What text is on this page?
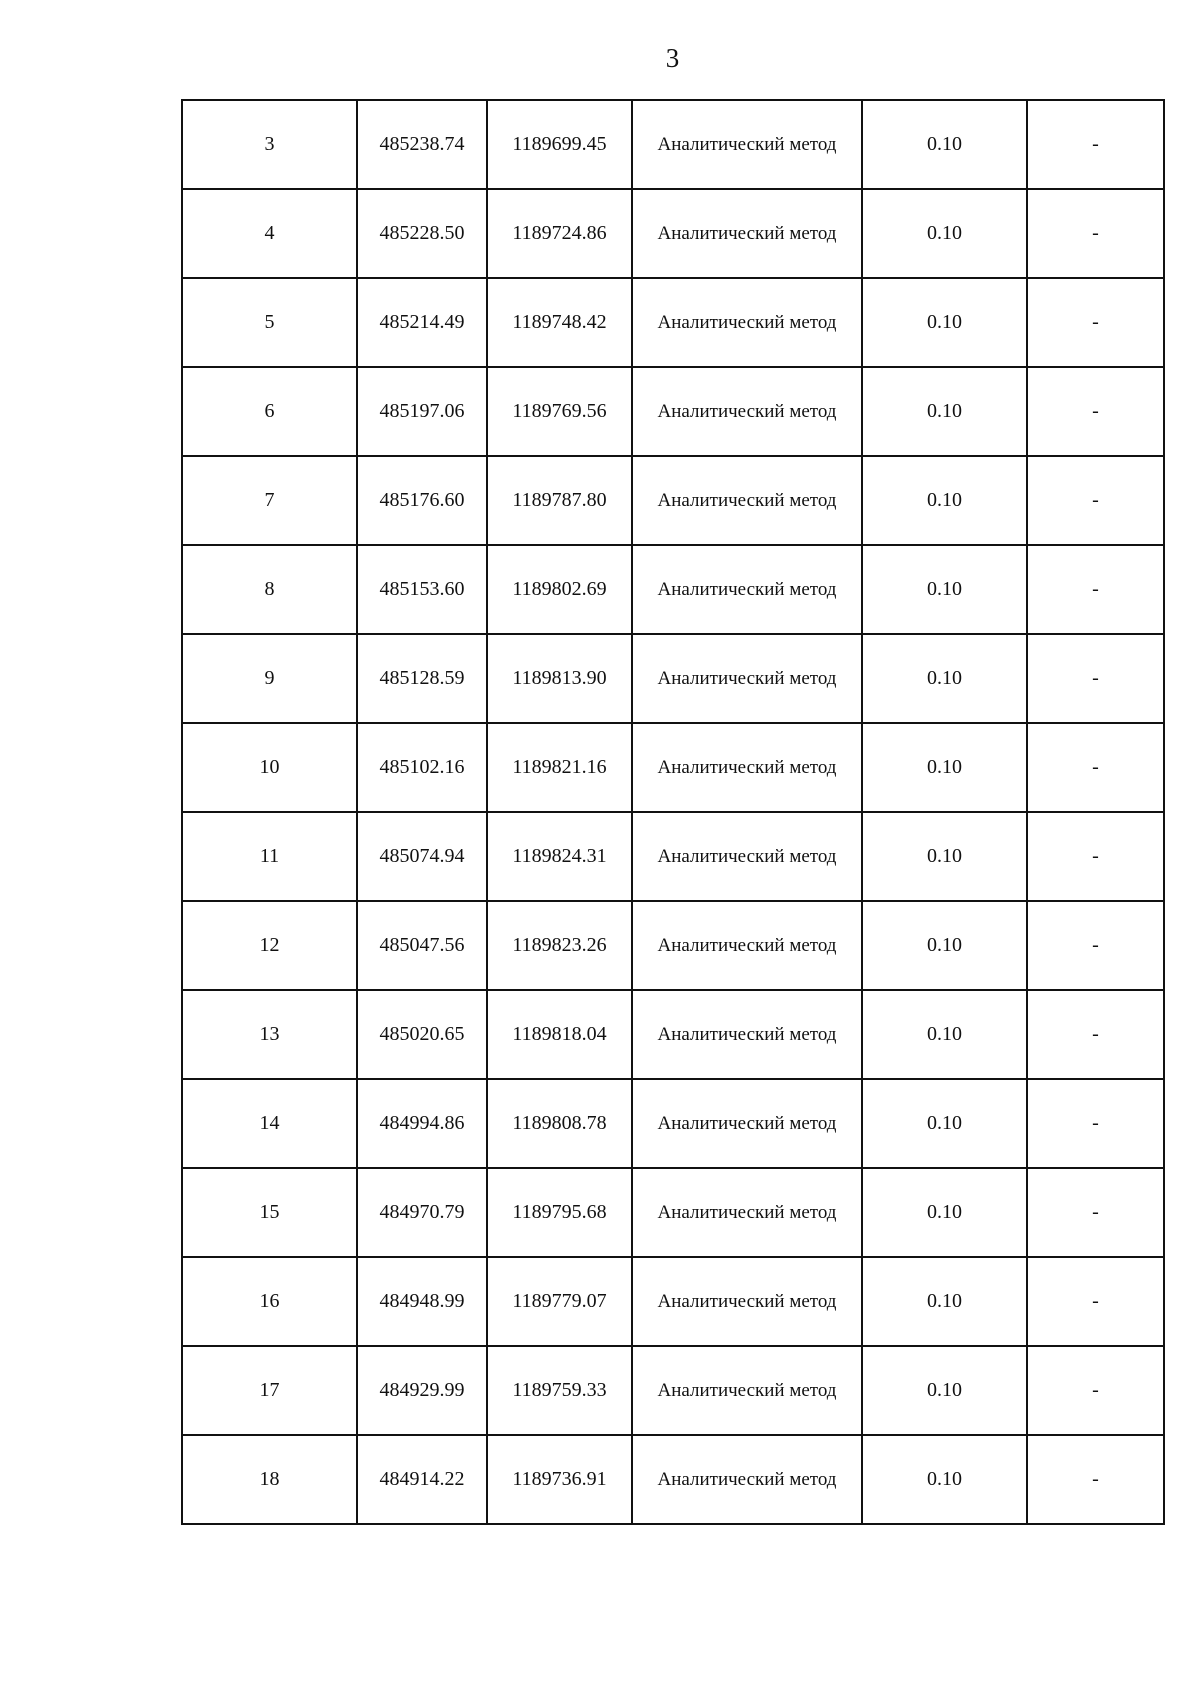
3
3	485238.74	1189699.45	Аналитический метод	0.10	-
4	485228.50	1189724.86	Аналитический метод	0.10	-
5	485214.49	1189748.42	Аналитический метод	0.10	-
6	485197.06	1189769.56	Аналитический метод	0.10	-
7	485176.60	1189787.80	Аналитический метод	0.10	-
8	485153.60	1189802.69	Аналитический метод	0.10	-
9	485128.59	1189813.90	Аналитический метод	0.10	-
10	485102.16	1189821.16	Аналитический метод	0.10	-
11	485074.94	1189824.31	Аналитический метод	0.10	-
12	485047.56	1189823.26	Аналитический метод	0.10	-
13	485020.65	1189818.04	Аналитический метод	0.10	-
14	484994.86	1189808.78	Аналитический метод	0.10	-
15	484970.79	1189795.68	Аналитический метод	0.10	-
16	484948.99	1189779.07	Аналитический метод	0.10	-
17	484929.99	1189759.33	Аналитический метод	0.10	-
18	484914.22	1189736.91	Аналитический метод	0.10	-
